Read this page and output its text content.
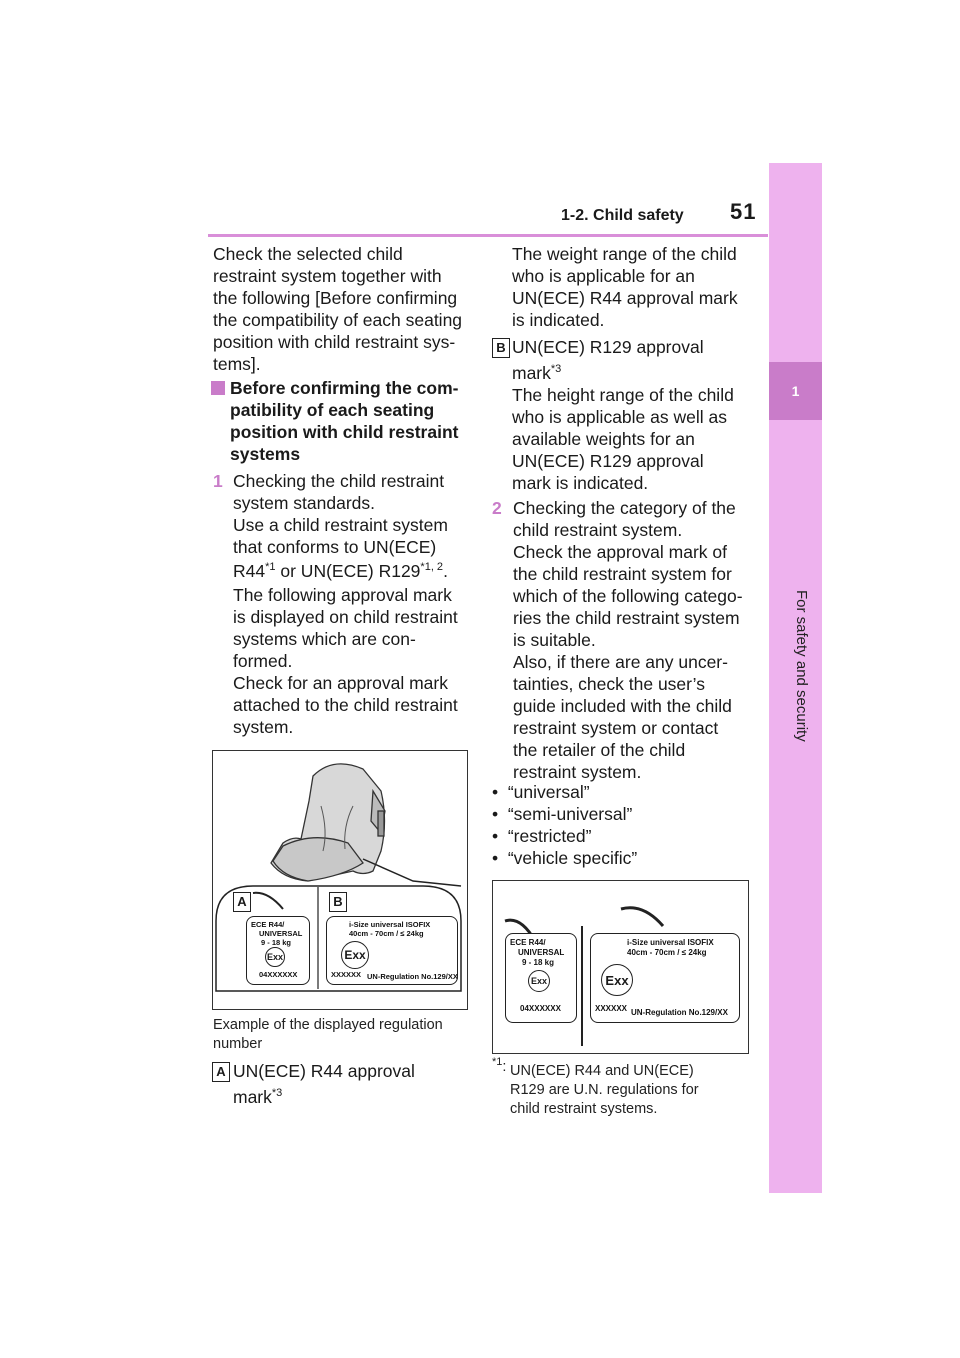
1-2. Child safety 51
1
For safety and security
Check the selected child
restraint system together with
the following [Before confirming
the compatibility of each seating
position with child restraint sys-
tems].
Before confirming the com-
patibility of each seating
position with child restraint
systems
1 Checking the child restraint
system standards.
Use a child restraint system
that conforms to UN(ECE)
R44$^{*1}$ or UN(ECE) R129$^{*1, 2}$.
The following approval mark
is displayed on child restraint
systems which are con-
formed.
Check for an approval mark
attached to the child restraint
system.
A	B
ECE R44/
UNIVERSAL
9 - 18 kg
Exx
04XXXXXX
i-Size universal ISOFIX
40cm - 70cm / ≤ 24kg
Exx
XXXXXX UN-Regulation No.129/XX
Example of the displayed regulation
number
A UN(ECE) R44 approval
mark$^{*3}$
The weight range of the child
who is applicable for an
UN(ECE) R44 approval mark
is indicated.
B UN(ECE) R129 approval
mark$^{*3}$
The height range of the child
who is applicable as well as
available weights for an
UN(ECE) R129 approval
mark is indicated.
2 Checking the category of the
child restraint system.
Check the approval mark of
the child restraint system for
which of the following catego-
ries the child restraint system
is suitable.
Also, if there are any uncer-
tainties, check the user’s
guide included with the child
restraint system or contact
the retailer of the child
restraint system.
•  “universal”
•  “semi-universal”
•  “restricted”
•  “vehicle specific”
ECE R44/
UNIVERSAL
9 - 18 kg
Exx
04XXXXXX
i-Size universal ISOFIX
40cm - 70cm / ≤ 24kg
Exx
XXXXXX UN-Regulation No.129/XX
$^{*1}$: UN(ECE) R44 and UN(ECE)
R129 are U.N. regulations for
child restraint systems.
